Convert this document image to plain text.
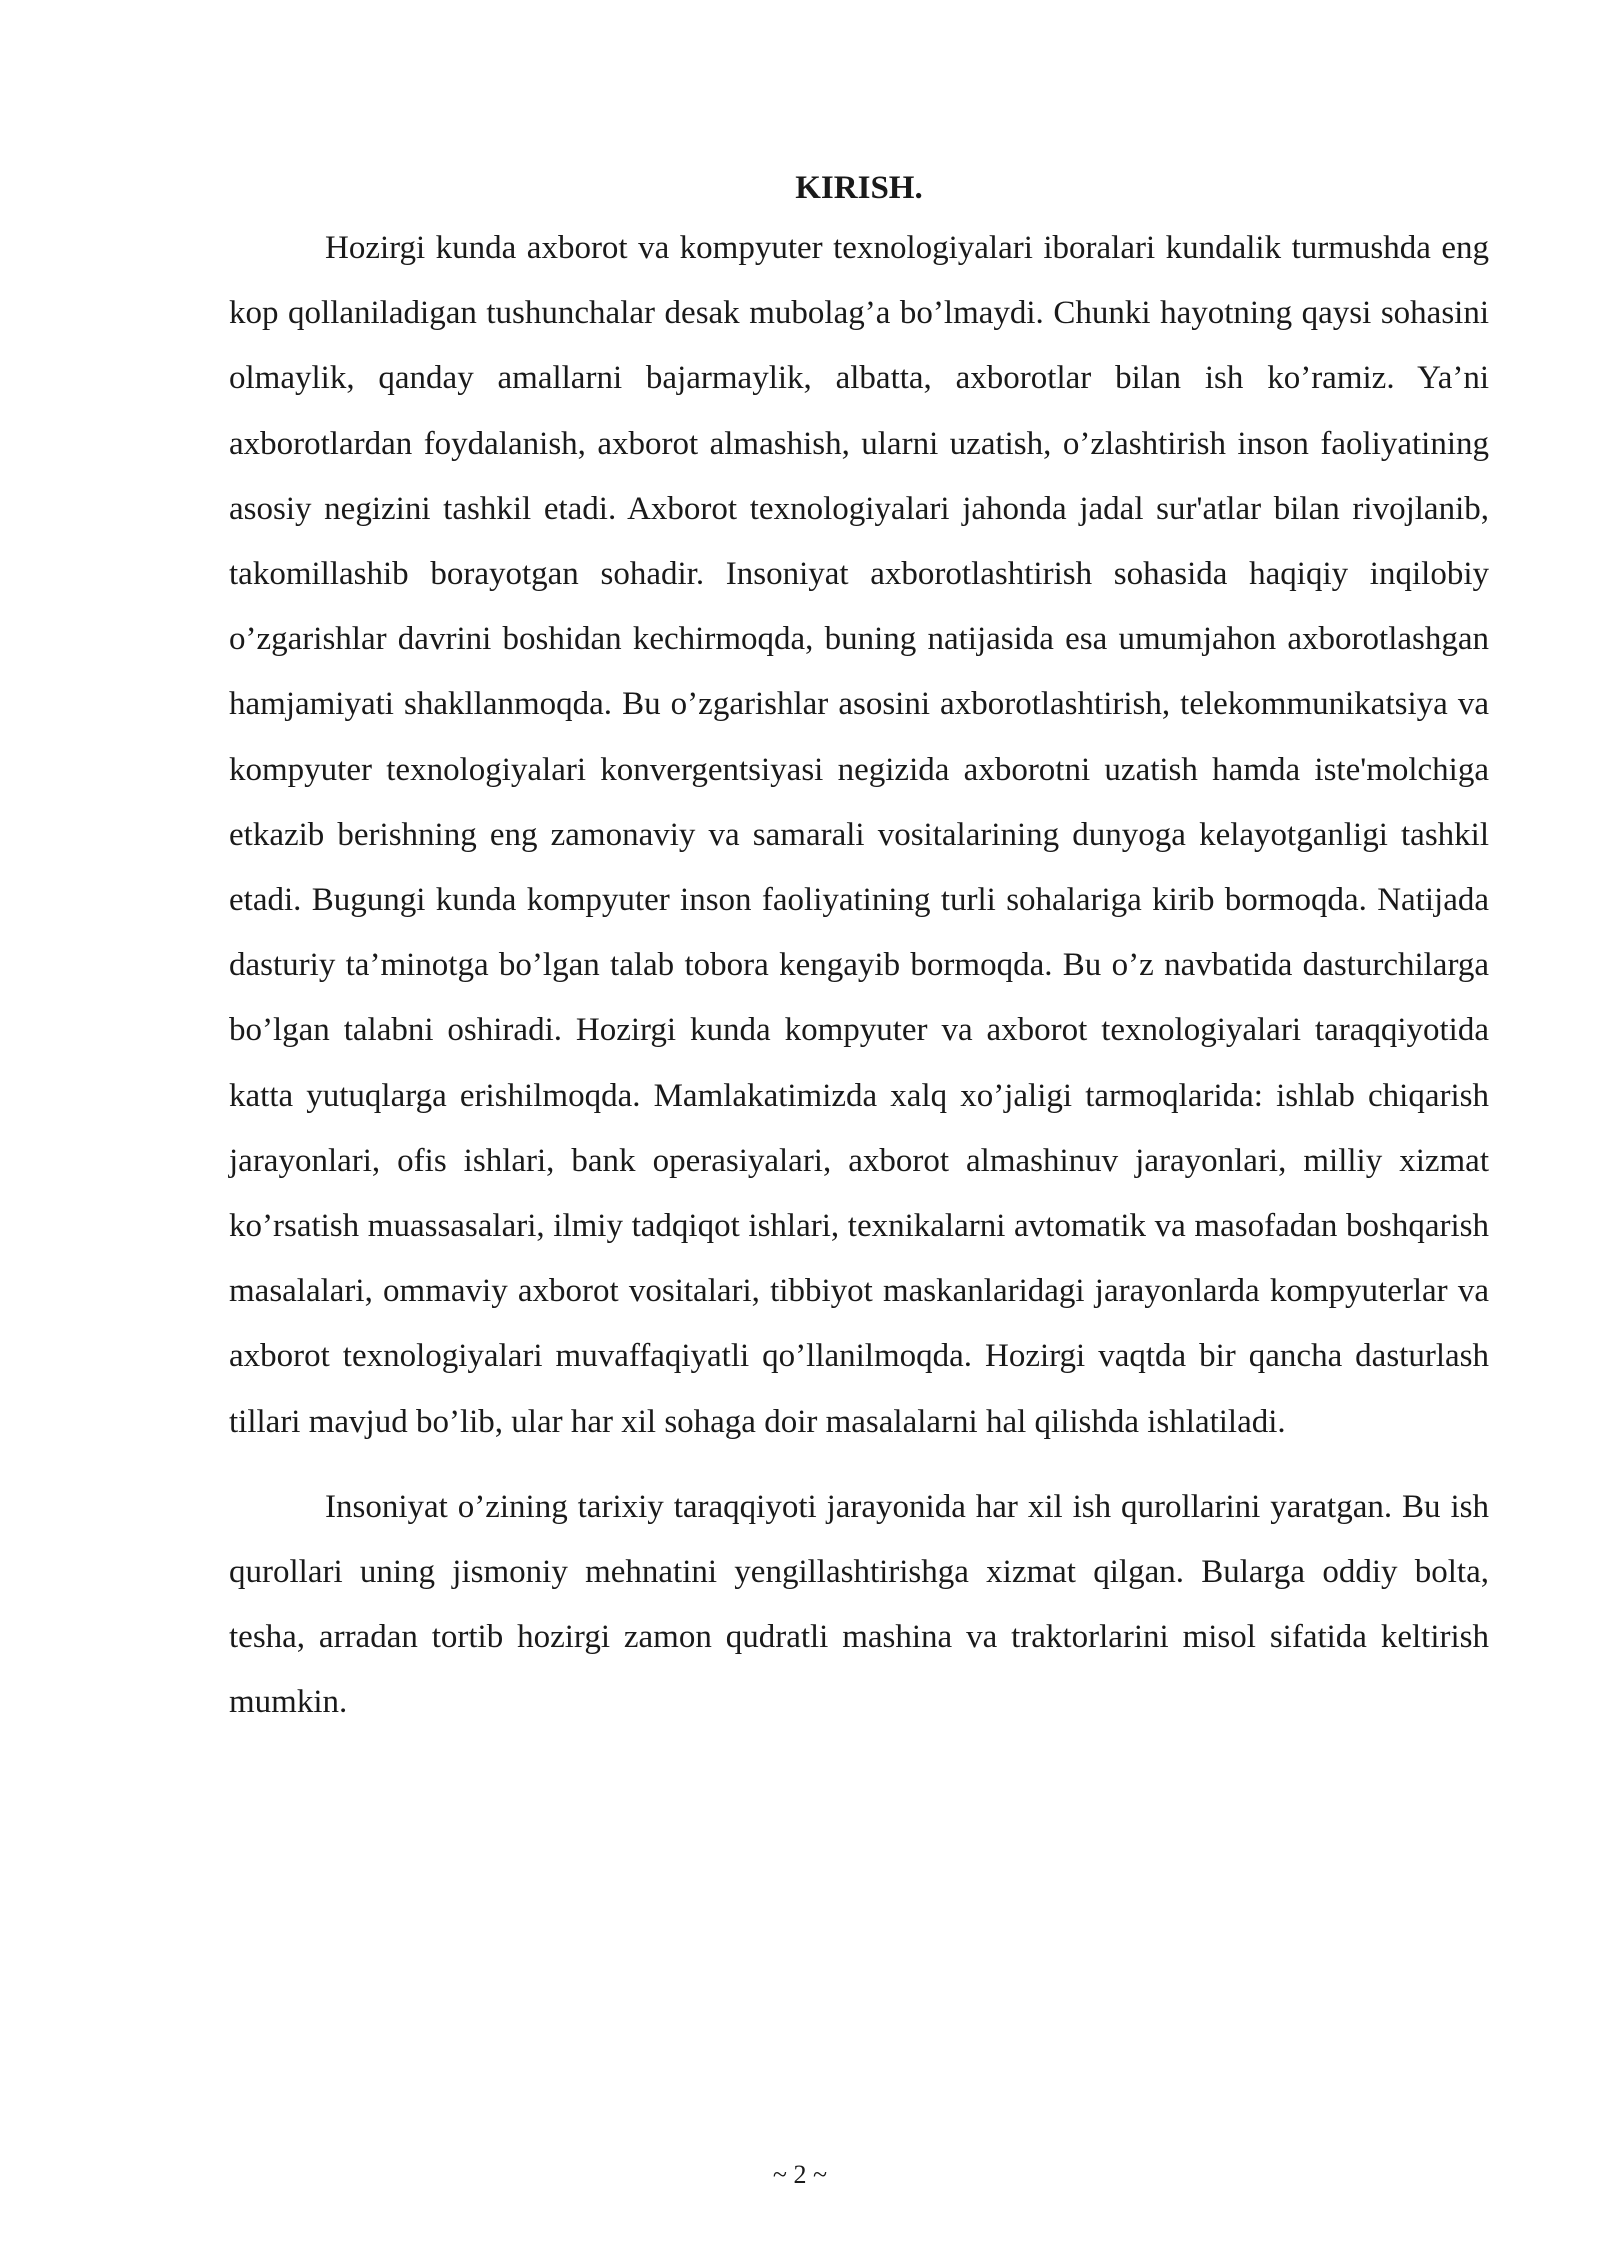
KIRISH.

Hozirgi kunda axborot va kompyuter texnologiyalari iboralari kundalik turmushda eng kop qollaniladigan tushunchalar desak mubolag’a bo’lmaydi. Chunki hayotning qaysi sohasini olmaylik, qanday amallarni bajarmaylik, albatta, axborotlar bilan ish ko’ramiz. Ya’ni axborotlardan foydalanish, axborot almashish, ularni uzatish, o’zlashtirish inson faoliyatining asosiy negizini tashkil etadi. Axborot texnologiyalari jahonda jadal sur'atlar bilan rivojlanib, takomillashib borayotgan sohadir. Insoniyat axborotlashtirish sohasida haqiqiy inqilobiy o’zgarishlar davrini boshidan kechirmoqda, buning natijasida esa umumjahon axborotlashgan hamjamiyati shakllanmoqda. Bu o’zgarishlar asosini axborotlashtirish, telekommunikatsiya va kompyuter texnologiyalari konvergentsiyasi negizida axborotni uzatish hamda iste'molchiga etkazib berishning eng zamonaviy va samarali vositalarining dunyoga kelayotganligi tashkil etadi. Bugungi kunda kompyuter inson faoliyatining turli sohalariga kirib bormoqda. Natijada dasturiy ta’minotga bo’lgan talab tobora kengayib bormoqda. Bu o’z navbatida dasturchilarga bo’lgan talabni oshiradi. Hozirgi kunda kompyuter va axborot texnologiyalari taraqqiyotida katta yutuqlarga erishilmoqda. Mamlakatimizda xalq xo’jaligi tarmoqlarida: ishlab chiqarish jarayonlari, ofis ishlari, bank operasiyalari, axborot almashinuv jarayonlari, milliy xizmat ko’rsatish muassasalari, ilmiy tadqiqot ishlari, texnikalarni avtomatik va masofadan boshqarish masalalari, ommaviy axborot vositalari, tibbiyot maskanlaridagi jarayonlarda kompyuterlar va axborot texnologiyalari muvaffaqiyatli qo’llanilmoqda. Hozirgi vaqtda bir qancha dasturlash tillari mavjud bo’lib, ular har xil sohaga doir masalalarni hal qilishda ishlatiladi.

Insoniyat o’zining tarixiy taraqqiyoti jarayonida har xil ish qurollarini yaratgan. Bu ish qurollari uning jismoniy mehnatini yengillashtirishga xizmat qilgan. Bularga oddiy bolta, tesha, arradan tortib hozirgi zamon qudratli mashina va traktorlarini misol sifatida keltirish mumkin.

~ 2 ~
